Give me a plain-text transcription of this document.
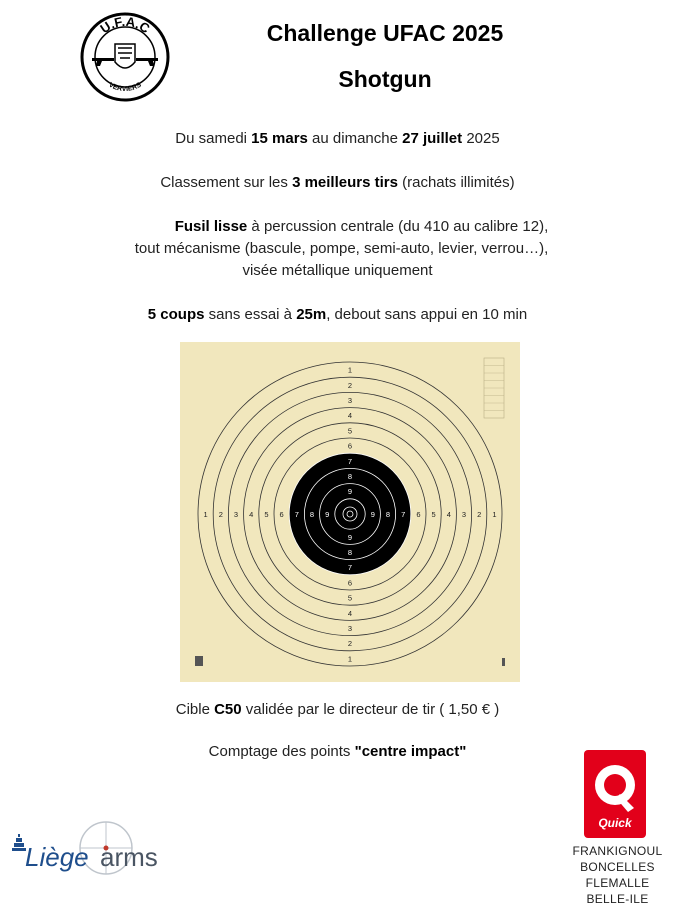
U.F.A.C
VERVIERS
Challenge UFAC 2025
Shotgun
Du samedi 15 mars au dimanche 27 juillet 2025
Classement sur les 3 meilleurs tirs (rachats illimités)
Fusil lisse à percussion centrale (du 410 au calibre 12),
tout mécanisme (bascule, pompe, semi-auto, levier, verrou…),
visée métallique uniquement
5 coups sans essai à 25m, debout sans appui en 10 min
1
1
1	1
2
2
2	2
3
3
3	3
4
4
4	4
5
5
5	5
6
6
6	6
7
7
7	7
8
8
8	8
9
9
9	9
Cible C50 validée par le directeur de tir ( 1,50 € )
Comptage des points "centre impact"
Liège arms
Quick
FRANKIGNOUL
BONCELLES
FLEMALLE
BELLE-ILE
